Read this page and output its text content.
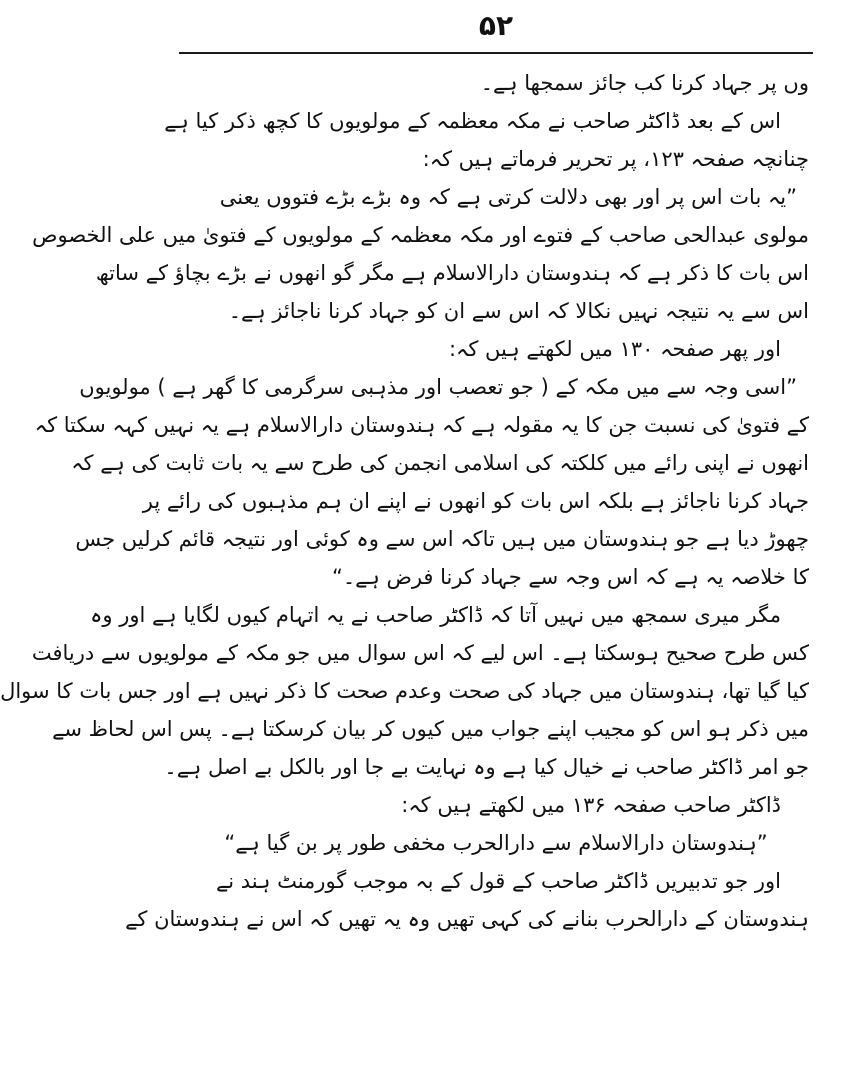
۵۲
وں پر جہاد کرنا کب جائز سمجھا ہے۔
اس کے بعد ڈاکٹر صاحب نے مکہ معظمہ کے مولویوں کا کچھ ذکر کیا ہے
چنانچہ صفحہ ۱۲۳، پر تحریر فرماتے ہیں کہ:
”یہ بات اس پر اور بھی دلالت کرتی ہے کہ وہ بڑے بڑے فتووں یعنی
مولوی عبدالحی صاحب کے فتوے اور مکہ معظمہ کے مولویوں کے فتویٰ میں علی الخصوص
اس بات کا ذکر ہے کہ ہندوستان دارالاسلام ہے مگر گو انھوں نے بڑے بچاؤ کے ساتھ
اس سے یہ نتیجہ نہیں نکالا کہ اس سے ان کو جہاد کرنا ناجائز ہے۔
اور پھر صفحہ ۱۳۰ میں لکھتے ہیں کہ:
”اسی وجہ سے میں مکہ کے ( جو تعصب اور مذہبی سرگرمی کا گھر ہے ) مولویوں
کے فتویٰ کی نسبت جن کا یہ مقولہ ہے کہ ہندوستان دارالاسلام ہے یہ نہیں کہہ سکتا کہ
انھوں نے اپنی رائے میں کلکتہ کی اسلامی انجمن کی طرح سے یہ بات ثابت کی ہے کہ
جہاد کرنا ناجائز ہے بلکہ اس بات کو انھوں نے اپنے ان ہم مذہبوں کی رائے پر
چھوڑ دیا ہے جو ہندوستان میں ہیں تاکہ اس سے وہ کوئی اور نتیجہ قائم کرلیں جس
کا خلاصہ یہ ہے کہ اس وجہ سے جہاد کرنا فرض ہے۔“
مگر میری سمجھ میں نہیں آتا کہ ڈاکٹر صاحب نے یہ اتہام کیوں لگایا ہے اور وہ
کس طرح صحیح ہوسکتا ہے۔ اس لیے کہ اس سوال میں جو مکہ کے مولویوں سے دریافت
کیا گیا تھا، ہندوستان میں جہاد کی صحت وعدم صحت کا ذکر نہیں ہے اور جس بات کا سوال
میں ذکر ہو اس کو مجیب اپنے جواب میں کیوں کر بیان کرسکتا ہے۔ پس اس لحاظ سے
جو امر ڈاکٹر صاحب نے خیال کیا ہے وہ نہایت بے جا اور بالکل بے اصل ہے۔
ڈاکٹر صاحب صفحہ ۱۳۶ میں لکھتے ہیں کہ:
”ہندوستان دارالاسلام سے دارالحرب مخفی طور پر بن گیا ہے“
اور جو تدبیریں ڈاکٹر صاحب کے قول کے بہ موجب گورمنٹ ہند نے
ہندوستان کے دارالحرب بنانے کی کہی تھیں وہ یہ تھیں کہ اس نے ہندوستان کے
